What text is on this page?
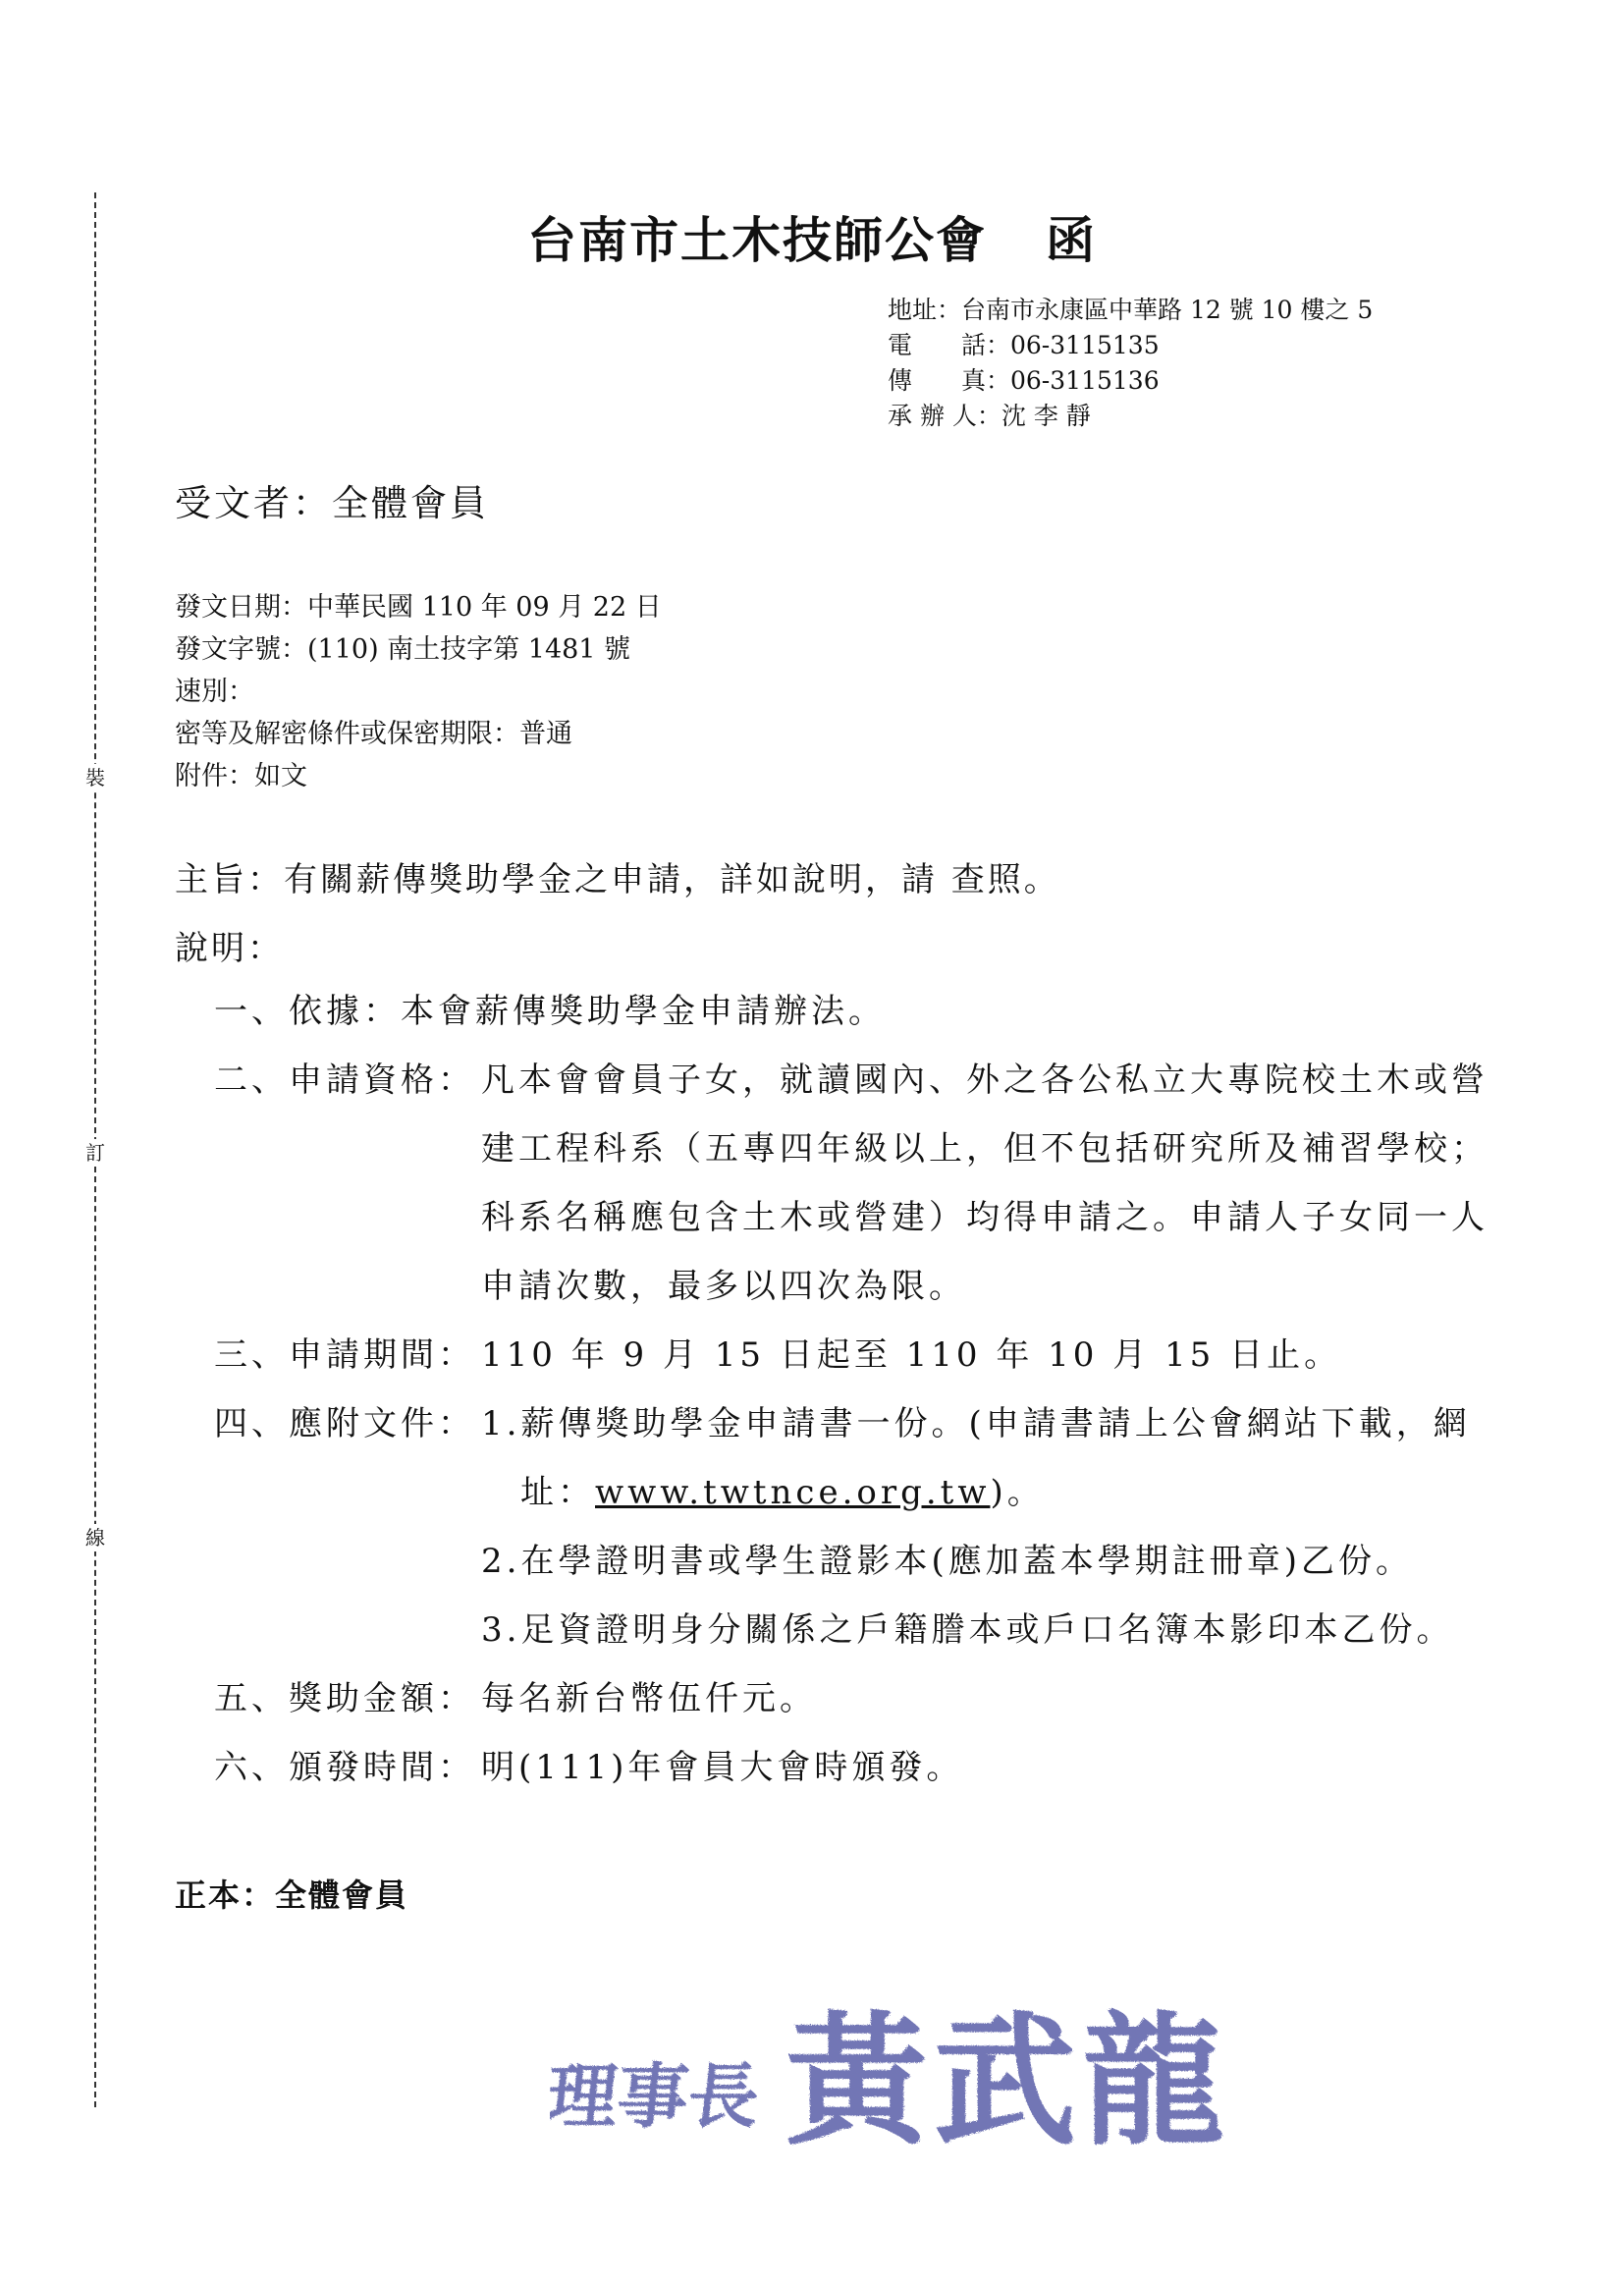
裝
訂
線
台南市土木技師公會 函
地址：台南市永康區中華路 12 號 10 樓之 5
電　　話：06-3115135
傳　　真：06-3115136
承 辦 人：沈 李 靜
受文者：全體會員
發文日期：中華民國 110 年 09 月 22 日
發文字號：(110) 南土技字第 1481 號
速別：
密等及解密條件或保密期限：普通
附件：如文
主旨：有關薪傳獎助學金之申請，詳如說明，請 查照。
說明：
一、依據：本會薪傳獎助學金申請辦法。
二、申請資格： 凡本會會員子女，就讀國內、外之各公私立大專院校土木或營
建工程科系（五專四年級以上，但不包括研究所及補習學校；
科系名稱應包含土木或營建）均得申請之。申請人子女同一人
申請次數，最多以四次為限。
三、申請期間： 110 年 9 月 15 日起至 110 年 10 月 15 日止。
四、應附文件： 1.薪傳獎助學金申請書一份。(申請書請上公會網站下載，網
址：www.twtnce.org.tw)。
2.在學證明書或學生證影本(應加蓋本學期註冊章)乙份。
3.足資證明身分關係之戶籍謄本或戶口名簿本影印本乙份。
五、獎助金額： 每名新台幣伍仟元。
六、頒發時間： 明(111)年會員大會時頒發。
正本：全體會員
理事長 黃武龍
